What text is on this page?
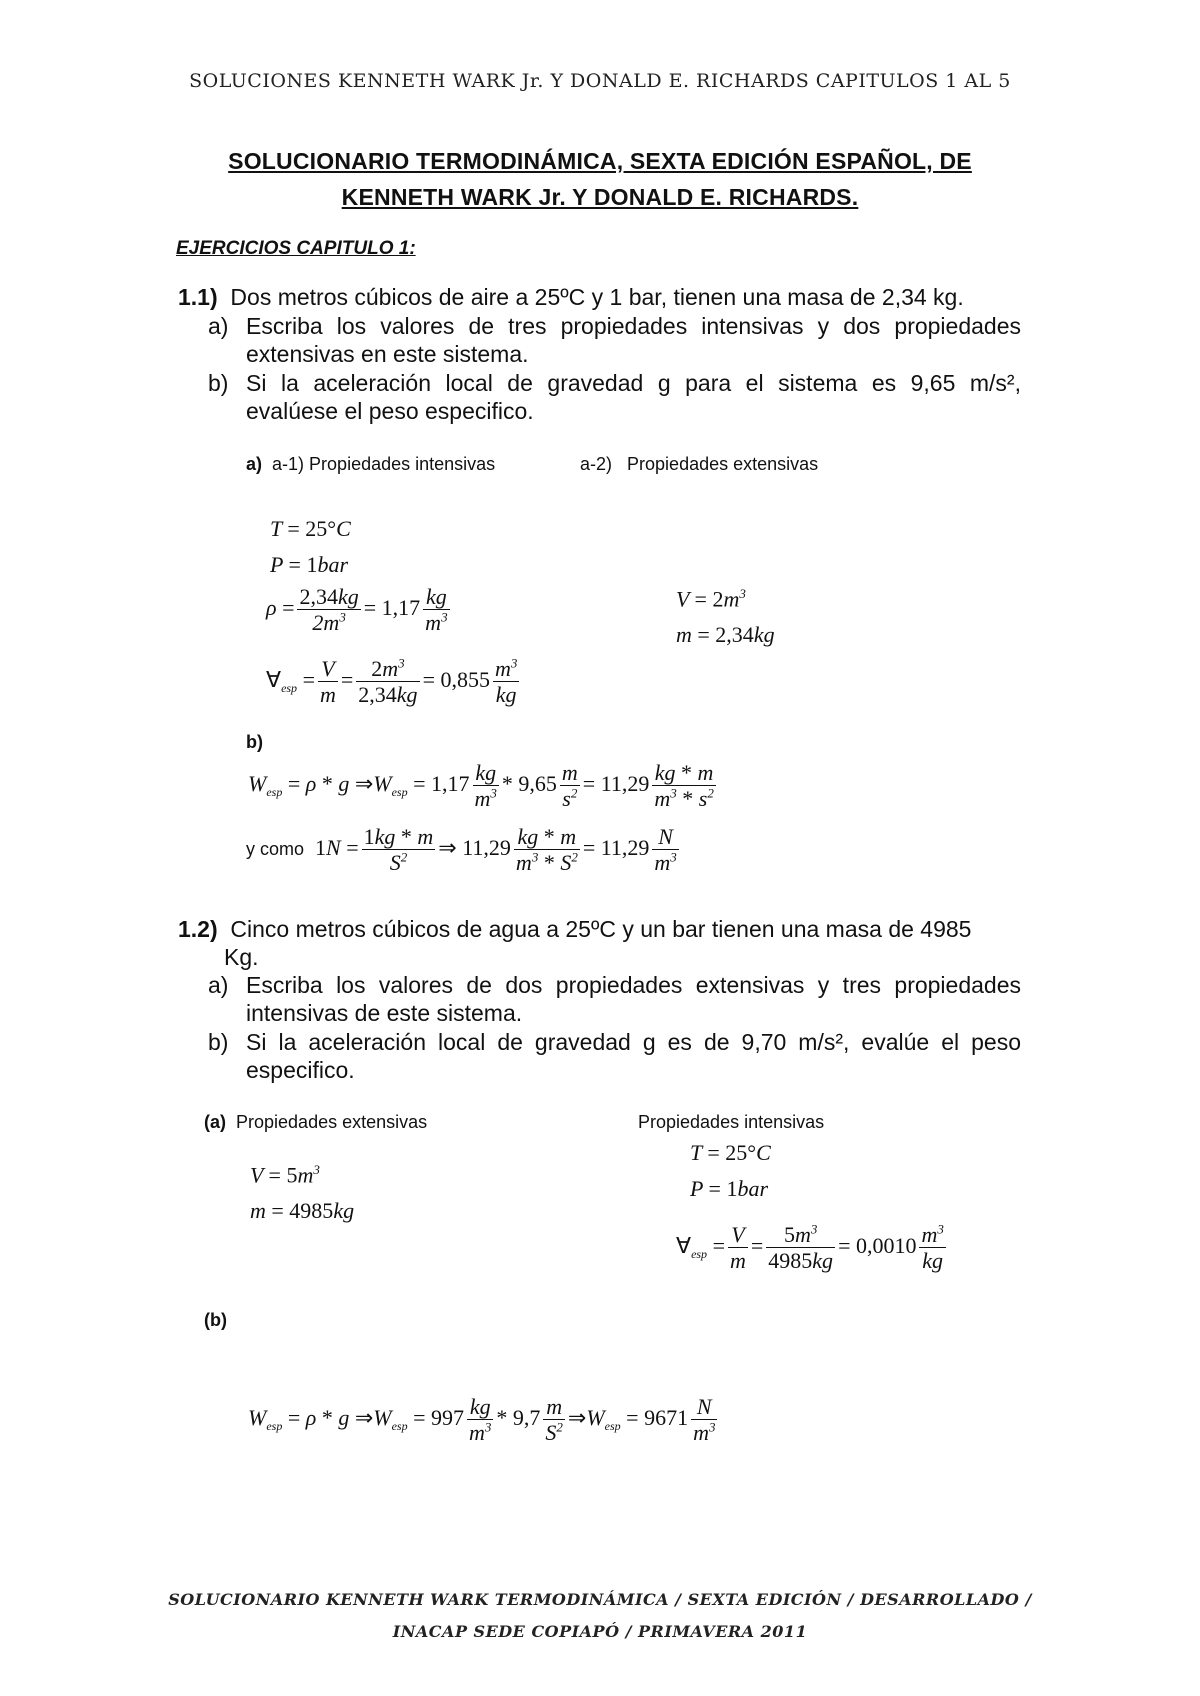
SOLUCIONES KENNETH WARK Jr. Y DONALD E. RICHARDS CAPITULOS 1 AL 5
SOLUCIONARIO TERMODINÁMICA, SEXTA EDICIÓN ESPAÑOL, DE
KENNETH WARK Jr. Y DONALD E. RICHARDS.
EJERCICIOS CAPITULO 1:
1.1) Dos metros cúbicos de aire a 25ºC y 1 bar, tienen una masa de 2,34 kg.
a) Escriba los valores de tres propiedades intensivas y dos propiedades
extensivas en este sistema.
b) Si la aceleración local de gravedad g para el sistema es 9,65 m/s²,
evalúese el peso especifico.
a) a-1) Propiedades intensivas	a-2) Propiedades extensivas
T = 25°C
P = 1bar
$\rho = \frac{2,34kg}{2m^3} = 1,17 \frac{kg}{m^3}$
$\forall_{esp} = \frac{V}{m} = \frac{2m^3}{2,34kg} = 0,855 \frac{m^3}{kg}$
$V = 2m^3$
m = 2,34kg
b)
$W_{esp} = \rho * g$ $\Rightarrow W_{esp} = 1,17 \frac{kg}{m^3} * 9,65 \frac{m}{s^2} = 11,29 \frac{kg * m}{m^3 * s^2}$
y como $1N = \frac{1kg * m}{S^2}$ ⇒ $11,29 \frac{kg * m}{m^3 * S^2} = 11,29 \frac{N}{m^3}$
1.2) Cinco metros cúbicos de agua a 25ºC y un bar tienen una masa de 4985
Kg.
a) Escriba los valores de dos propiedades extensivas y tres propiedades
intensivas de este sistema.
b) Si la aceleración local de gravedad g es de 9,70 m/s², evalúe el peso
especifico.
(a) Propiedades extensivas	Propiedades intensivas
$V = 5m^3$
m = 4985kg
T = 25°C
P = 1bar
$\forall_{esp} = \frac{V}{m} = \frac{5m^3}{4985kg} = 0,0010 \frac{m^3}{kg}$
(b)
$W_{esp} = \rho * g$ $\Rightarrow W_{esp} = 997 \frac{kg}{m^3} * 9,7 \frac{m}{S^2}$ $\Rightarrow W_{esp} = 9671 \frac{N}{m^3}$
SOLUCIONARIO KENNETH WARK TERMODINÁMICA / SEXTA EDICIÓN / DESARROLLADO /
INACAP SEDE COPIAPÓ / PRIMAVERA 2011
